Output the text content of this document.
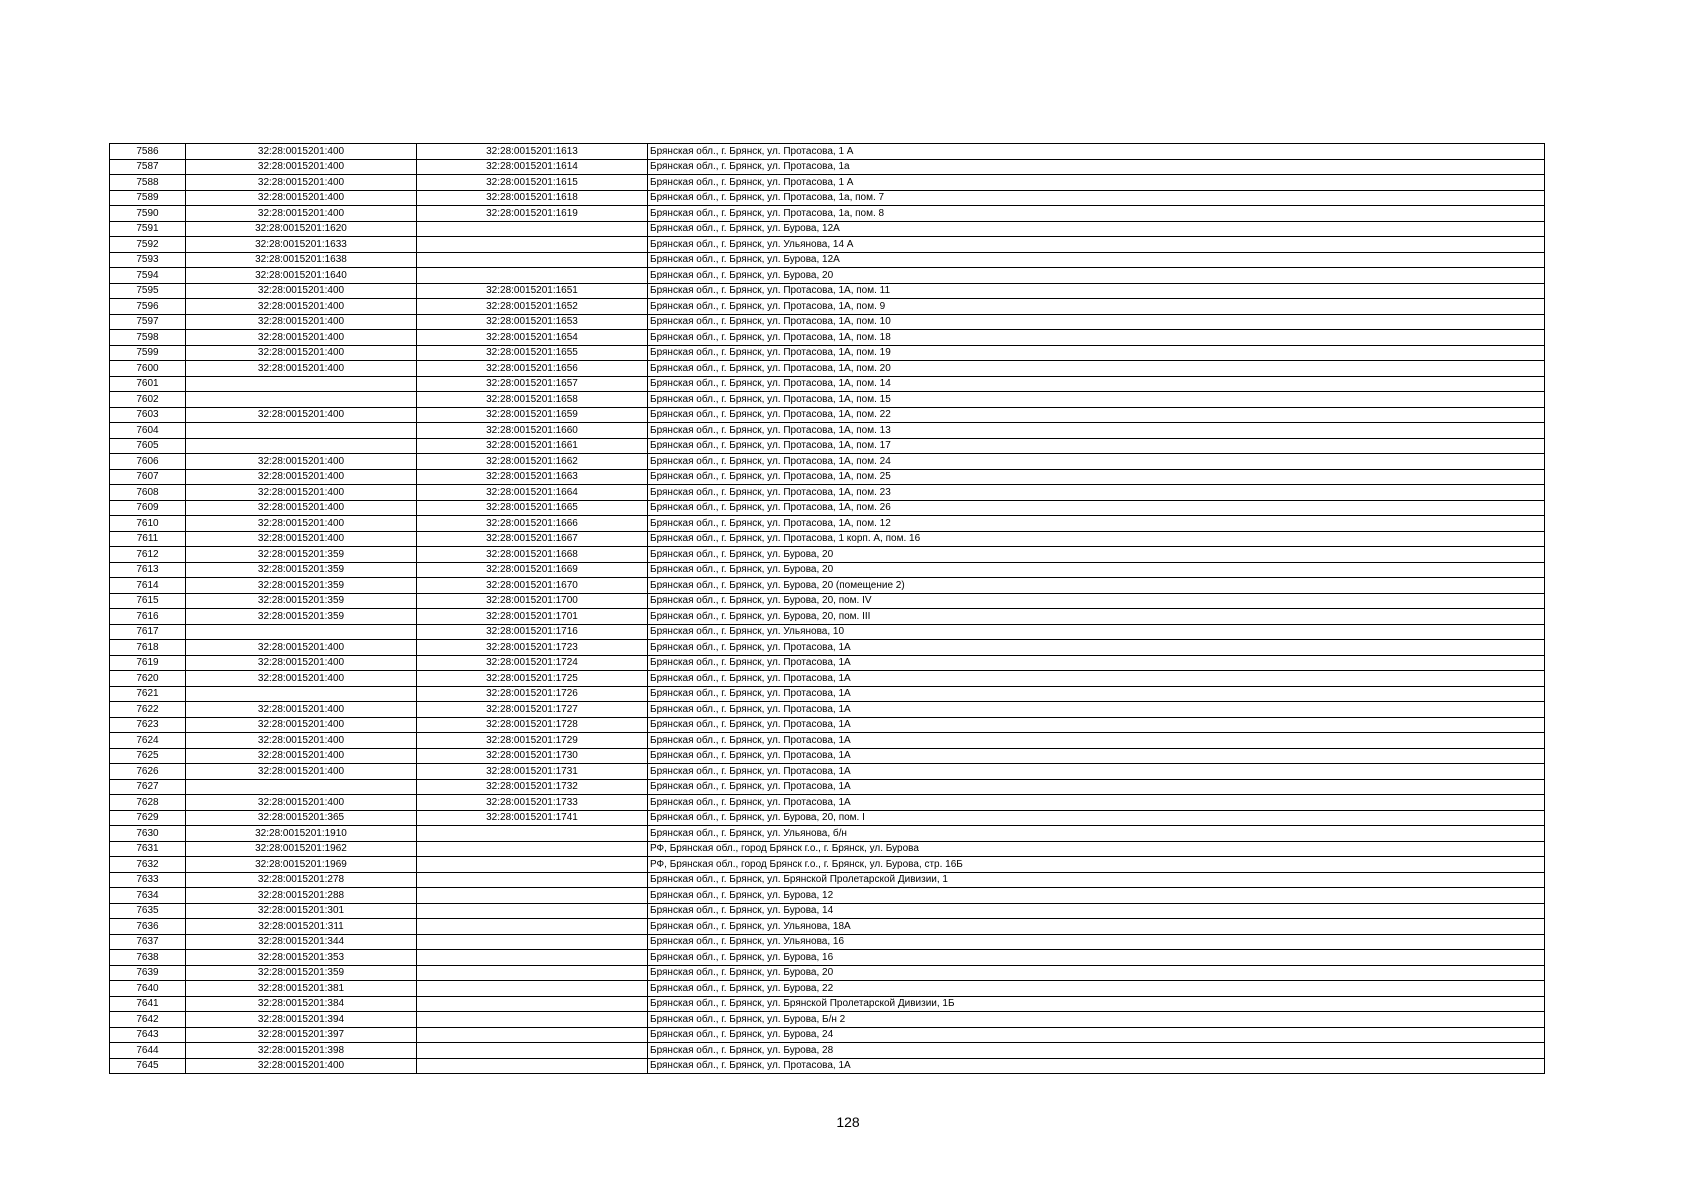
7586	32:28:0015201:400	32:28:0015201:1613	Брянская обл., г. Брянск, ул. Протасова, 1 А
7587	32:28:0015201:400	32:28:0015201:1614	Брянская обл., г. Брянск, ул. Протасова, 1а
7588	32:28:0015201:400	32:28:0015201:1615	Брянская обл., г. Брянск, ул. Протасова, 1 А
7589	32:28:0015201:400	32:28:0015201:1618	Брянская обл., г. Брянск, ул. Протасова, 1а, пом. 7
7590	32:28:0015201:400	32:28:0015201:1619	Брянская обл., г. Брянск, ул. Протасова, 1а, пом. 8
7591	32:28:0015201:1620		Брянская обл., г. Брянск, ул. Бурова, 12А
7592	32:28:0015201:1633		Брянская обл., г. Брянск, ул. Ульянова, 14 А
7593	32:28:0015201:1638		Брянская обл., г. Брянск, ул. Бурова, 12А
7594	32:28:0015201:1640		Брянская обл., г. Брянск, ул. Бурова, 20
7595	32:28:0015201:400	32:28:0015201:1651	Брянская обл., г. Брянск, ул. Протасова, 1А, пом. 11
7596	32:28:0015201:400	32:28:0015201:1652	Брянская обл., г. Брянск, ул. Протасова, 1А, пом. 9
7597	32:28:0015201:400	32:28:0015201:1653	Брянская обл., г. Брянск, ул. Протасова, 1А, пом. 10
7598	32:28:0015201:400	32:28:0015201:1654	Брянская обл., г. Брянск, ул. Протасова, 1А, пом. 18
7599	32:28:0015201:400	32:28:0015201:1655	Брянская обл., г. Брянск, ул. Протасова, 1А, пом. 19
7600	32:28:0015201:400	32:28:0015201:1656	Брянская обл., г. Брянск, ул. Протасова, 1А, пом. 20
7601		32:28:0015201:1657	Брянская обл., г. Брянск, ул. Протасова, 1А, пом. 14
7602		32:28:0015201:1658	Брянская обл., г. Брянск, ул. Протасова, 1А, пом. 15
7603	32:28:0015201:400	32:28:0015201:1659	Брянская обл., г. Брянск, ул. Протасова, 1А, пом. 22
7604		32:28:0015201:1660	Брянская обл., г. Брянск, ул. Протасова, 1А, пом. 13
7605		32:28:0015201:1661	Брянская обл., г. Брянск, ул. Протасова, 1А, пом. 17
7606	32:28:0015201:400	32:28:0015201:1662	Брянская обл., г. Брянск, ул. Протасова, 1А, пом. 24
7607	32:28:0015201:400	32:28:0015201:1663	Брянская обл., г. Брянск, ул. Протасова, 1А, пом. 25
7608	32:28:0015201:400	32:28:0015201:1664	Брянская обл., г. Брянск, ул. Протасова, 1А, пом. 23
7609	32:28:0015201:400	32:28:0015201:1665	Брянская обл., г. Брянск, ул. Протасова, 1А, пом. 26
7610	32:28:0015201:400	32:28:0015201:1666	Брянская обл., г. Брянск, ул. Протасова, 1А, пом. 12
7611	32:28:0015201:400	32:28:0015201:1667	Брянская обл., г. Брянск, ул. Протасова, 1 корп. А, пом. 16
7612	32:28:0015201:359	32:28:0015201:1668	Брянская обл., г. Брянск, ул. Бурова, 20
7613	32:28:0015201:359	32:28:0015201:1669	Брянская обл., г. Брянск, ул. Бурова, 20
7614	32:28:0015201:359	32:28:0015201:1670	Брянская обл., г. Брянск, ул. Бурова, 20 (помещение 2)
7615	32:28:0015201:359	32:28:0015201:1700	Брянская обл., г. Брянск, ул. Бурова, 20, пом. IV
7616	32:28:0015201:359	32:28:0015201:1701	Брянская обл., г. Брянск, ул. Бурова, 20, пом. III
7617		32:28:0015201:1716	Брянская обл., г. Брянск, ул. Ульянова, 10
7618	32:28:0015201:400	32:28:0015201:1723	Брянская обл., г. Брянск, ул. Протасова, 1А
7619	32:28:0015201:400	32:28:0015201:1724	Брянская обл., г. Брянск, ул. Протасова, 1А
7620	32:28:0015201:400	32:28:0015201:1725	Брянская обл., г. Брянск, ул. Протасова, 1А
7621		32:28:0015201:1726	Брянская обл., г. Брянск, ул. Протасова, 1А
7622	32:28:0015201:400	32:28:0015201:1727	Брянская обл., г. Брянск, ул. Протасова, 1А
7623	32:28:0015201:400	32:28:0015201:1728	Брянская обл., г. Брянск, ул. Протасова, 1А
7624	32:28:0015201:400	32:28:0015201:1729	Брянская обл., г. Брянск, ул. Протасова, 1А
7625	32:28:0015201:400	32:28:0015201:1730	Брянская обл., г. Брянск, ул. Протасова, 1А
7626	32:28:0015201:400	32:28:0015201:1731	Брянская обл., г. Брянск, ул. Протасова, 1А
7627		32:28:0015201:1732	Брянская обл., г. Брянск, ул. Протасова, 1А
7628	32:28:0015201:400	32:28:0015201:1733	Брянская обл., г. Брянск, ул. Протасова, 1А
7629	32:28:0015201:365	32:28:0015201:1741	Брянская обл., г. Брянск, ул. Бурова, 20, пом. I
7630	32:28:0015201:1910		Брянская обл., г. Брянск, ул. Ульянова, б/н
7631	32:28:0015201:1962		РФ, Брянская обл., город Брянск г.о., г. Брянск, ул. Бурова
7632	32:28:0015201:1969		РФ, Брянская обл., город Брянск г.о., г. Брянск, ул. Бурова, стр. 16Б
7633	32:28:0015201:278		Брянская обл., г. Брянск, ул. Брянской Пролетарской Дивизии, 1
7634	32:28:0015201:288		Брянская обл., г. Брянск, ул. Бурова, 12
7635	32:28:0015201:301		Брянская обл., г. Брянск, ул. Бурова, 14
7636	32:28:0015201:311		Брянская обл., г. Брянск, ул. Ульянова, 18А
7637	32:28:0015201:344		Брянская обл., г. Брянск, ул. Ульянова, 16
7638	32:28:0015201:353		Брянская обл., г. Брянск, ул. Бурова, 16
7639	32:28:0015201:359		Брянская обл., г. Брянск, ул. Бурова, 20
7640	32:28:0015201:381		Брянская обл., г. Брянск, ул. Бурова, 22
7641	32:28:0015201:384		Брянская обл., г. Брянск, ул. Брянской Пролетарской Дивизии, 1Б
7642	32:28:0015201:394		Брянская обл., г. Брянск, ул. Бурова, Б/н 2
7643	32:28:0015201:397		Брянская обл., г. Брянск, ул. Бурова, 24
7644	32:28:0015201:398		Брянская обл., г. Брянск, ул. Бурова, 28
7645	32:28:0015201:400		Брянская обл., г. Брянск, ул. Протасова, 1А
128
